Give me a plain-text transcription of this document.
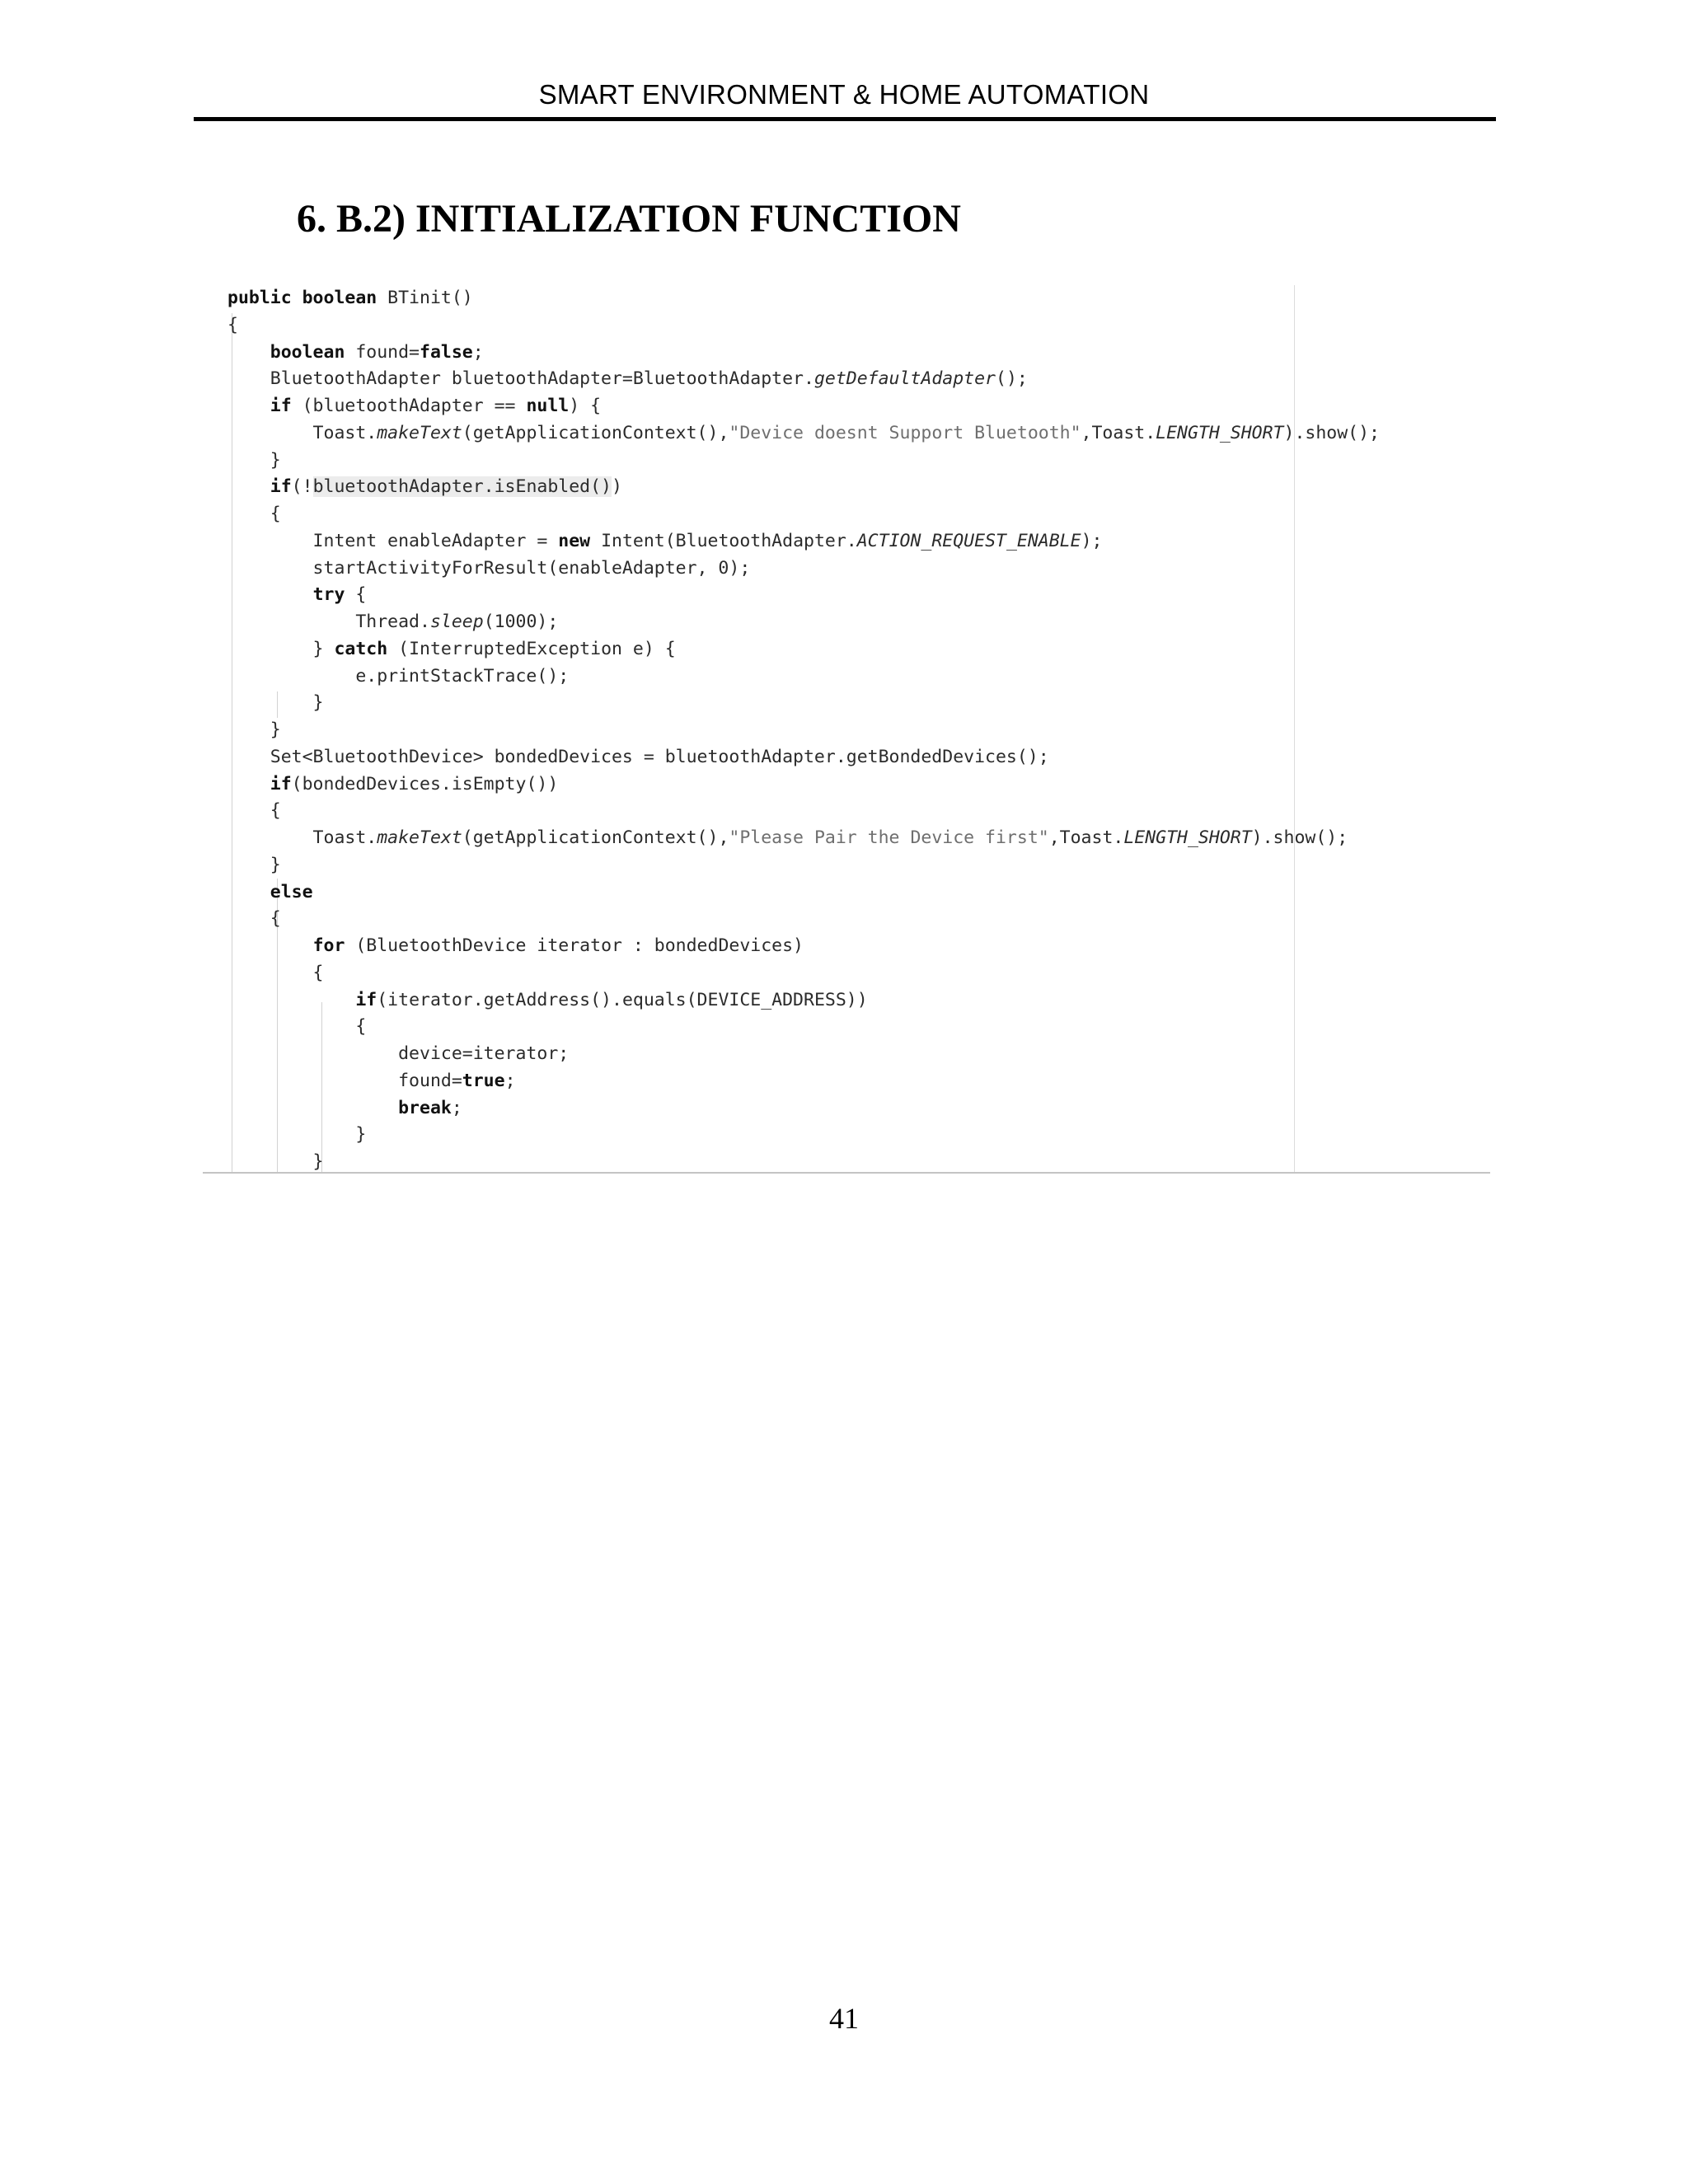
SMART ENVIRONMENT & HOME AUTOMATION
6. B.2) INITIALIZATION FUNCTION
public boolean BTinit()
{
boolean found=false;
BluetoothAdapter bluetoothAdapter=BluetoothAdapter.getDefaultAdapter();
if (bluetoothAdapter == null) {
Toast.makeText(getApplicationContext(),"Device doesnt Support Bluetooth",Toast.LENGTH_SHORT).show();
}
if(!bluetoothAdapter.isEnabled())
{
Intent enableAdapter = new Intent(BluetoothAdapter.ACTION_REQUEST_ENABLE);
startActivityForResult(enableAdapter, 0);
try {
Thread.sleep(1000);
} catch (InterruptedException e) {
e.printStackTrace();
}
}
Set<BluetoothDevice> bondedDevices = bluetoothAdapter.getBondedDevices();
if(bondedDevices.isEmpty())
{
Toast.makeText(getApplicationContext(),"Please Pair the Device first",Toast.LENGTH_SHORT).show();
}
else
{
for (BluetoothDevice iterator : bondedDevices)
{
if(iterator.getAddress().equals(DEVICE_ADDRESS))
{
device=iterator;
found=true;
break;
}
}
41
